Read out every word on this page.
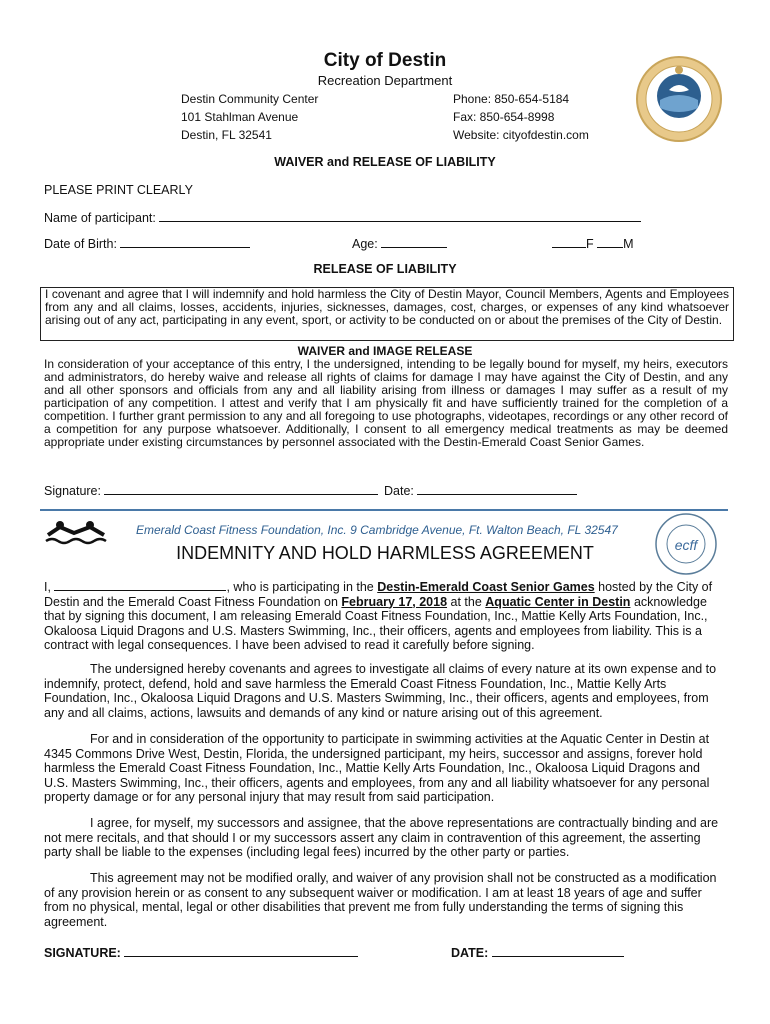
City of Destin
Recreation Department
Destin Community Center
101 Stahlman Avenue
Destin, FL 32541
Phone: 850-654-5184
Fax: 850-654-8998
Website: cityofdestin.com
WAIVER and RELEASE OF LIABILITY
PLEASE PRINT CLEARLY
Name of participant:
Date of Birth:	Age:	F M
RELEASE OF LIABILITY
I covenant and agree that I will indemnify and hold harmless the City of Destin Mayor, Council Members, Agents and Employees from any and all claims, losses, accidents, injuries, sicknesses, damages, cost, charges, or expenses of any kind whatsoever arising out of any act, participating in any event, sport, or activity to be conducted on or about the premises of the City of Destin.
WAIVER and IMAGE RELEASE
In consideration of your acceptance of this entry, I the undersigned, intending to be legally bound for myself, my heirs, executors and administrators, do hereby waive and release all rights of claims for damage I may have against the City of Destin, and any and all other sponsors and officials from any and all liability arising from illness or damages I may suffer as a result of my participation of any competition. I attest and verify that I am physically fit and have sufficiently trained for the completion of a competition. I further grant permission to any and all foregoing to use photographs, videotapes, recordings or any other record of a competition for any purpose whatsoever. Additionally, I consent to all emergency medical treatments as may be deemed appropriate under existing circumstances by personnel associated with the Destin-Emerald Coast Senior Games.
Signature:	Date:
Emerald Coast Fitness Foundation, Inc. 9 Cambridge Avenue, Ft. Walton Beach, FL 32547
ecff
INDEMNITY AND HOLD HARMLESS AGREEMENT
I,	, who is participating in the Destin-Emerald Coast Senior Games hosted by the City of Destin and the Emerald Coast Fitness Foundation on February 17, 2018 at the Aquatic Center in Destin acknowledge that by signing this document, I am releasing Emerald Coast Fitness Foundation, Inc., Mattie Kelly Arts Foundation, Inc., Okaloosa Liquid Dragons and U.S. Masters Swimming, Inc., their officers, agents and employees from liability. This is a contract with legal consequences. I have been advised to read it carefully before signing.
The undersigned hereby covenants and agrees to investigate all claims of every nature at its own expense and to indemnify, protect, defend, hold and save harmless the Emerald Coast Fitness Foundation, Inc., Mattie Kelly Arts Foundation, Inc., Okaloosa Liquid Dragons and U.S. Masters Swimming, Inc., their officers, agents and employees, from any and all claims, actions, lawsuits and demands of any kind or nature arising out of this agreement.
For and in consideration of the opportunity to participate in swimming activities at the Aquatic Center in Destin at 4345 Commons Drive West, Destin, Florida, the undersigned participant, my heirs, successor and assigns, forever hold harmless the Emerald Coast Fitness Foundation, Inc., Mattie Kelly Arts Foundation, Inc., Okaloosa Liquid Dragons and U.S. Masters Swimming, Inc., their officers, agents and employees, from any and all liability whatsoever for any personal property damage or for any personal injury that may result from said participation.
I agree, for myself, my successors and assignee, that the above representations are contractually binding and are not mere recitals, and that should I or my successors assert any claim in contravention of this agreement, the asserting party shall be liable to the expenses (including legal fees) incurred by the other party or parties.
This agreement may not be modified orally, and waiver of any provision shall not be constructed as a modification of any provision herein or as consent to any subsequent waiver or modification. I am at least 18 years of age and suffer from no physical, mental, legal or other disabilities that prevent me from fully understanding the terms of signing this agreement.
SIGNATURE:	DATE:
